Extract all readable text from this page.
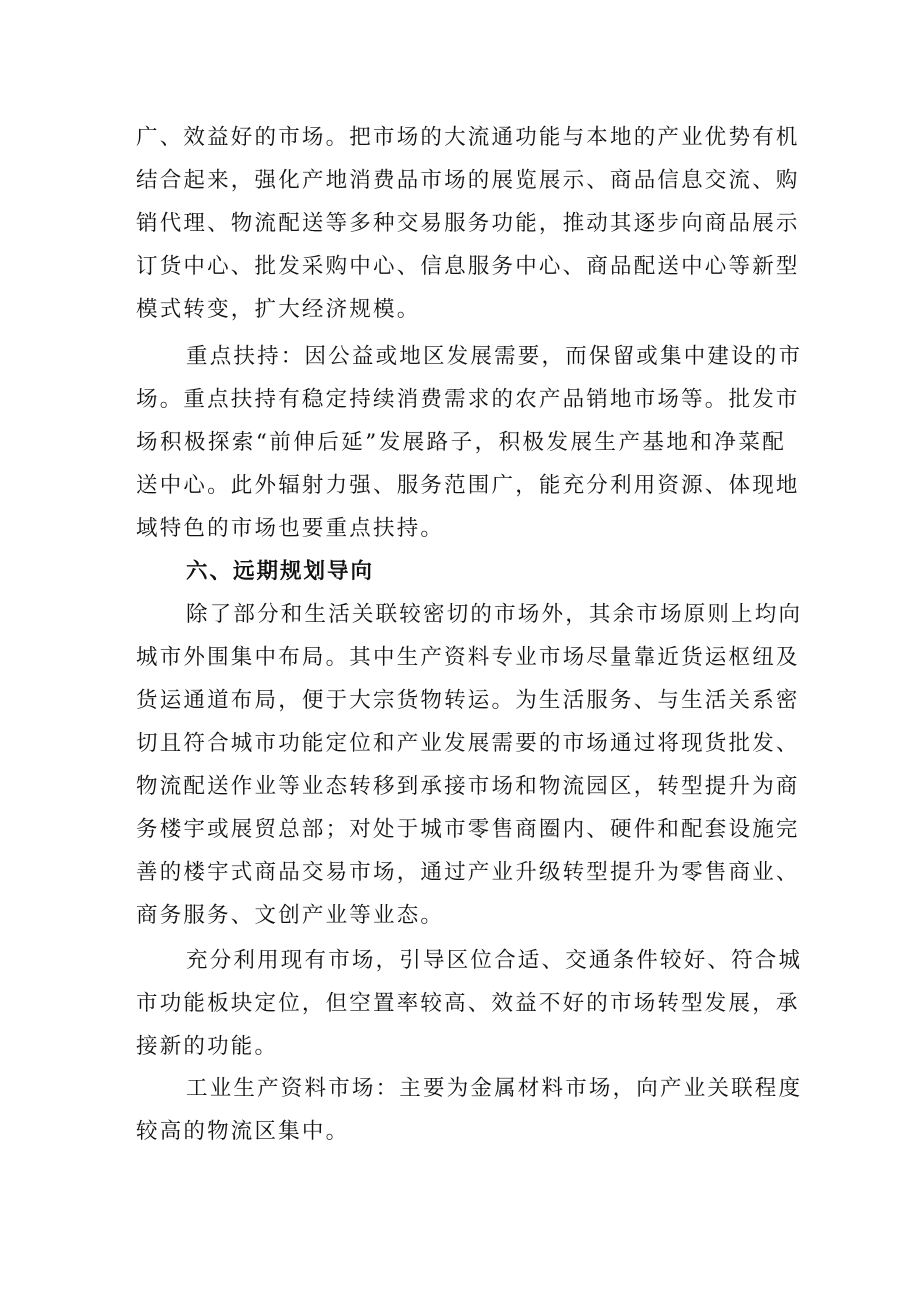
广、效益好的市场。把市场的大流通功能与本地的产业优势有机
结合起来，强化产地消费品市场的展览展示、商品信息交流、购
销代理、物流配送等多种交易服务功能，推动其逐步向商品展示
订货中心、批发采购中心、信息服务中心、商品配送中心等新型
模式转变，扩大经济规模。
重点扶持：因公益或地区发展需要，而保留或集中建设的市
场。重点扶持有稳定持续消费需求的农产品销地市场等。批发市
场积极探索“前伸后延”发展路子，积极发展生产基地和净菜配
送中心。此外辐射力强、服务范围广，能充分利用资源、体现地
域特色的市场也要重点扶持。
六、远期规划导向
除了部分和生活关联较密切的市场外，其余市场原则上均向
城市外围集中布局。其中生产资料专业市场尽量靠近货运枢纽及
货运通道布局，便于大宗货物转运。为生活服务、与生活关系密
切且符合城市功能定位和产业发展需要的市场通过将现货批发、
物流配送作业等业态转移到承接市场和物流园区，转型提升为商
务楼宇或展贸总部；对处于城市零售商圈内、硬件和配套设施完
善的楼宇式商品交易市场，通过产业升级转型提升为零售商业、
商务服务、文创产业等业态。
充分利用现有市场，引导区位合适、交通条件较好、符合城
市功能板块定位，但空置率较高、效益不好的市场转型发展，承
接新的功能。
工业生产资料市场：主要为金属材料市场，向产业关联程度
较高的物流区集中。
